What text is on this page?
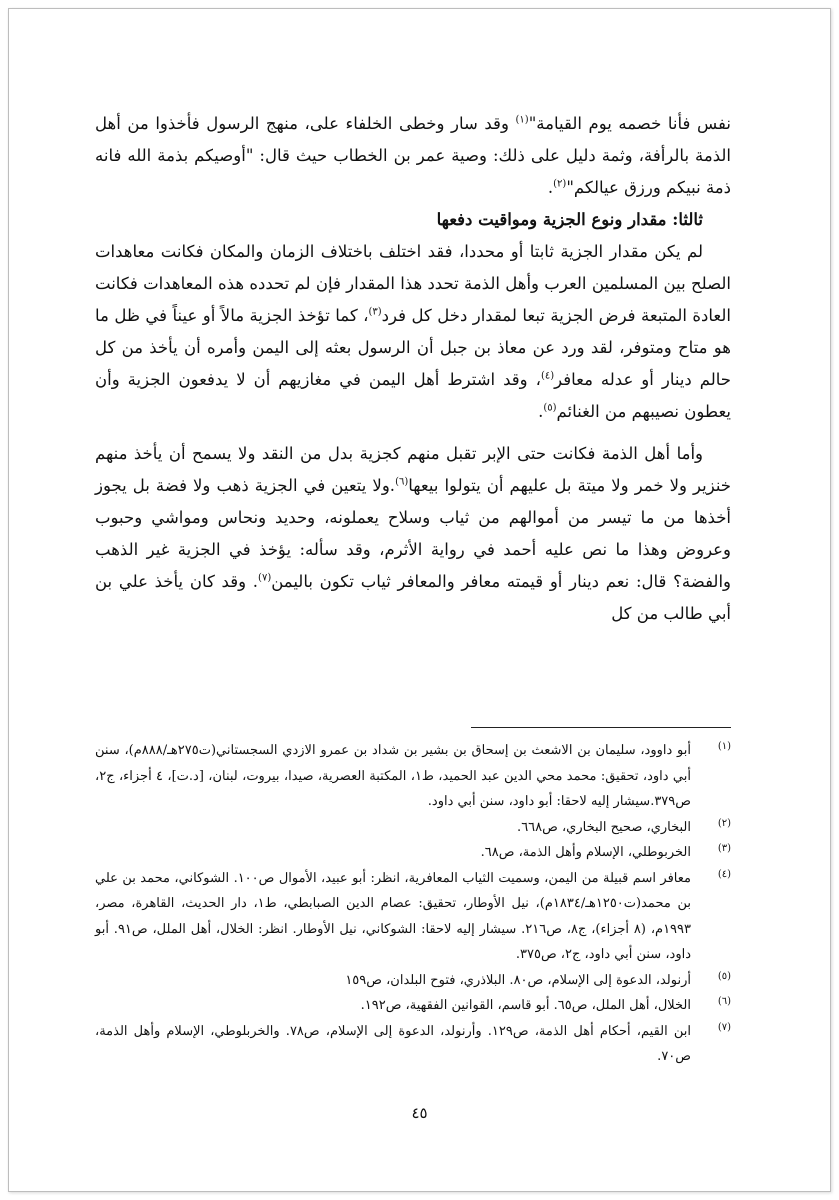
نفس فأنا خصمه يوم القيامة"$^{(١)}$ وقد سار وخطى الخلفاء على، منهج الرسول فأخذوا من أهل الذمة بالرأفة، وثمة دليل على ذلك: وصية عمر بن الخطاب حيث قال: "أوصيكم بذمة الله فانه ذمة نبيكم ورزق عيالكم"$^{(٢)}$.

ثالثا: مقدار ونوع الجزية ومواقيت دفعها

لم يكن مقدار الجزية ثابتا أو محددا، فقد اختلف باختلاف الزمان والمكان فكانت معاهدات الصلح بين المسلمين العرب وأهل الذمة تحدد هذا المقدار فإن لم تحدده هذه المعاهدات فكانت العادة المتبعة فرض الجزية تبعا لمقدار دخل كل فرد$^{(٣)}$، كما تؤخذ الجزية مالاً أو عيناً في ظل ما هو متاح ومتوفر، لقد ورد عن معاذ بن جبل أن الرسول بعثه إلى اليمن وأمره أن يأخذ من كل حالم دينار أو عدله معافر$^{(٤)}$، وقد اشترط أهل اليمن في مغازيهم أن لا يدفعون الجزية وأن يعطون نصيبهم من الغنائم$^{(٥)}$.

وأما أهل الذمة فكانت حتى الإبر تقبل منهم كجزية بدل من النقد ولا يسمح أن يأخذ منهم خنزير ولا خمر ولا ميتة بل عليهم أن يتولوا بيعها$^{(٦)}$.ولا يتعين في الجزية ذهب ولا فضة بل يجوز أخذها من ما تيسر من أموالهم من ثياب وسلاح يعملونه، وحديد ونحاس ومواشي وحبوب وعروض وهذا ما نص عليه أحمد في رواية الأثرم، وقد سأله: يؤخذ في الجزية غير الذهب والفضة؟ قال: نعم دينار أو قيمته معافر والمعافر ثياب تكون باليمن$^{(٧)}$. وقد كان يأخذ علي بن أبي طالب من كل

(١)
أبو داوود، سليمان بن الاشعث بن إسحاق بن بشير بن شداد بن عمرو الازدي السجستاني(ت٢٧٥هـ/٨٨٨م)، سنن أبي داود، تحقيق: محمد محي الدين عبد الحميد، ط١، المكتبة العصرية، صيدا، بيروت، لبنان، [د.ت]، ٤ أجزاء، ج٢، ص٣٧٩.سيشار إليه لاحقا: أبو داود، سنن أبي داود.
(٢)
البخاري، صحيح البخاري، ص٦٦٨.
(٣)
الخربوطلي، الإسلام وأهل الذمة، ص٦٨.
(٤)
معافر اسم قبيلة من اليمن، وسميت الثياب المعافرية، انظر: أبو عبيد، الأموال ص١٠٠. الشوكاني، محمد بن علي بن محمد(ت١٢٥٠هـ/١٨٣٤م)، نيل الأوطار، تحقيق: عصام الدين الصبابطي، ط١، دار الحديث، القاهرة، مصر، ١٩٩٣م، (٨ أجزاء)، ج٨، ص٢١٦. سيشار إليه لاحقا: الشوكاني، نيل الأوطار. انظر: الخلال، أهل الملل، ص٩١. أبو داود، سنن أبي داود، ج٢، ص٣٧٥.
(٥)
أرنولد، الدعوة إلى الإسلام، ص٨٠. البلاذري، فتوح البلدان، ص١٥٩
(٦)
الخلال، أهل الملل، ص٦٥. أبو قاسم، القوانين الفقهية، ص١٩٢.
(٧)
ابن القيم، أحكام أهل الذمة، ص١٢٩. وأرنولد، الدعوة إلى الإسلام، ص٧٨. والخربلوطي، الإسلام وأهل الذمة، ص٧٠.
٤٥
